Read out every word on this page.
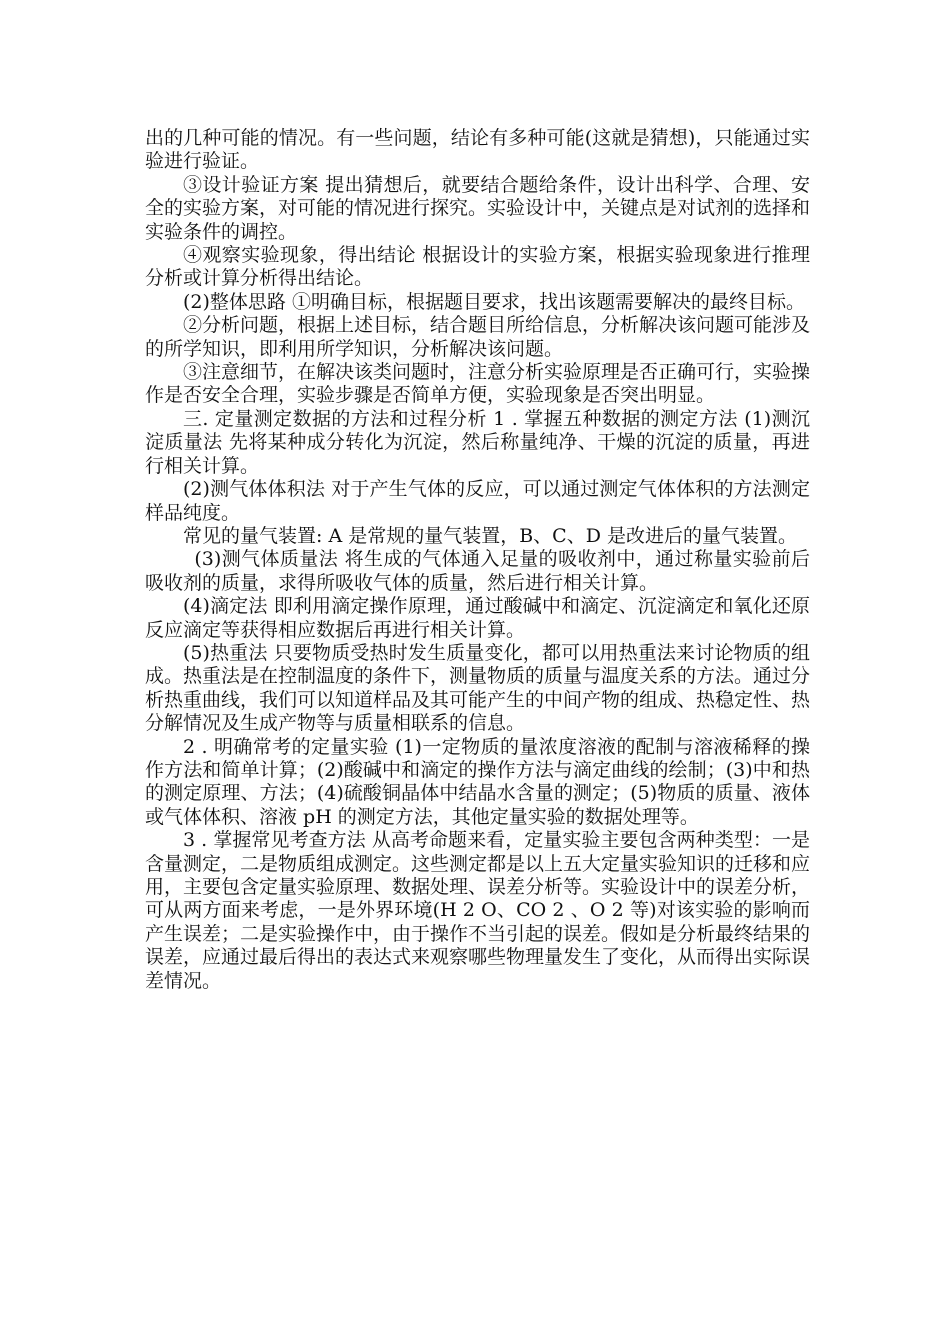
出的几种可能的情况。有一些问题，结论有多种可能(这就是猜想)，只能通过实验进行验证。

③设计验证方案 提出猜想后，就要结合题给条件，设计出科学、合理、安全的实验方案，对可能的情况进行探究。实验设计中，关键点是对试剂的选择和实验条件的调控。

④观察实验现象，得出结论 根据设计的实验方案，根据实验现象进行推理分析或计算分析得出结论。

(2)整体思路 ①明确目标，根据题目要求，找出该题需要解决的最终目标。

②分析问题，根据上述目标，结合题目所给信息，分析解决该问题可能涉及的所学知识，即利用所学知识，分析解决该问题。

③注意细节，在解决该类问题时，注意分析实验原理是否正确可行，实验操作是否安全合理，实验步骤是否简单方便，实验现象是否突出明显。

三. 定量测定数据的方法和过程分析 1 . 掌握五种数据的测定方法 (1)测沉淀质量法 先将某种成分转化为沉淀，然后称量纯净、干燥的沉淀的质量，再进行相关计算。

(2)测气体体积法 对于产生气体的反应，可以通过测定气体体积的方法测定样品纯度。

常见的量气装置: A 是常规的量气装置，B、C、D 是改进后的量气装置。

(3)测气体质量法 将生成的气体通入足量的吸收剂中，通过称量实验前后吸收剂的质量，求得所吸收气体的质量，然后进行相关计算。

(4)滴定法 即利用滴定操作原理，通过酸碱中和滴定、沉淀滴定和氧化还原反应滴定等获得相应数据后再进行相关计算。

(5)热重法 只要物质受热时发生质量变化，都可以用热重法来讨论物质的组成。热重法是在控制温度的条件下，测量物质的质量与温度关系的方法。通过分析热重曲线，我们可以知道样品及其可能产生的中间产物的组成、热稳定性、热分解情况及生成产物等与质量相联系的信息。

2 . 明确常考的定量实验 (1)一定物质的量浓度溶液的配制与溶液稀释的操作方法和简单计算；(2)酸碱中和滴定的操作方法与滴定曲线的绘制；(3)中和热的测定原理、方法；(4)硫酸铜晶体中结晶水含量的测定；(5)物质的质量、液体或气体体积、溶液 pH 的测定方法，其他定量实验的数据处理等。

3 . 掌握常见考查方法 从高考命题来看，定量实验主要包含两种类型：一是含量测定，二是物质组成测定。这些测定都是以上五大定量实验知识的迁移和应用，主要包含定量实验原理、数据处理、误差分析等。实验设计中的误差分析，可从两方面来考虑，一是外界环境(H 2 O、CO 2 、O 2 等)对该实验的影响而产生误差；二是实验操作中，由于操作不当引起的误差。假如是分析最终结果的误差，应通过最后得出的表达式来观察哪些物理量发生了变化，从而得出实际误差情况。
